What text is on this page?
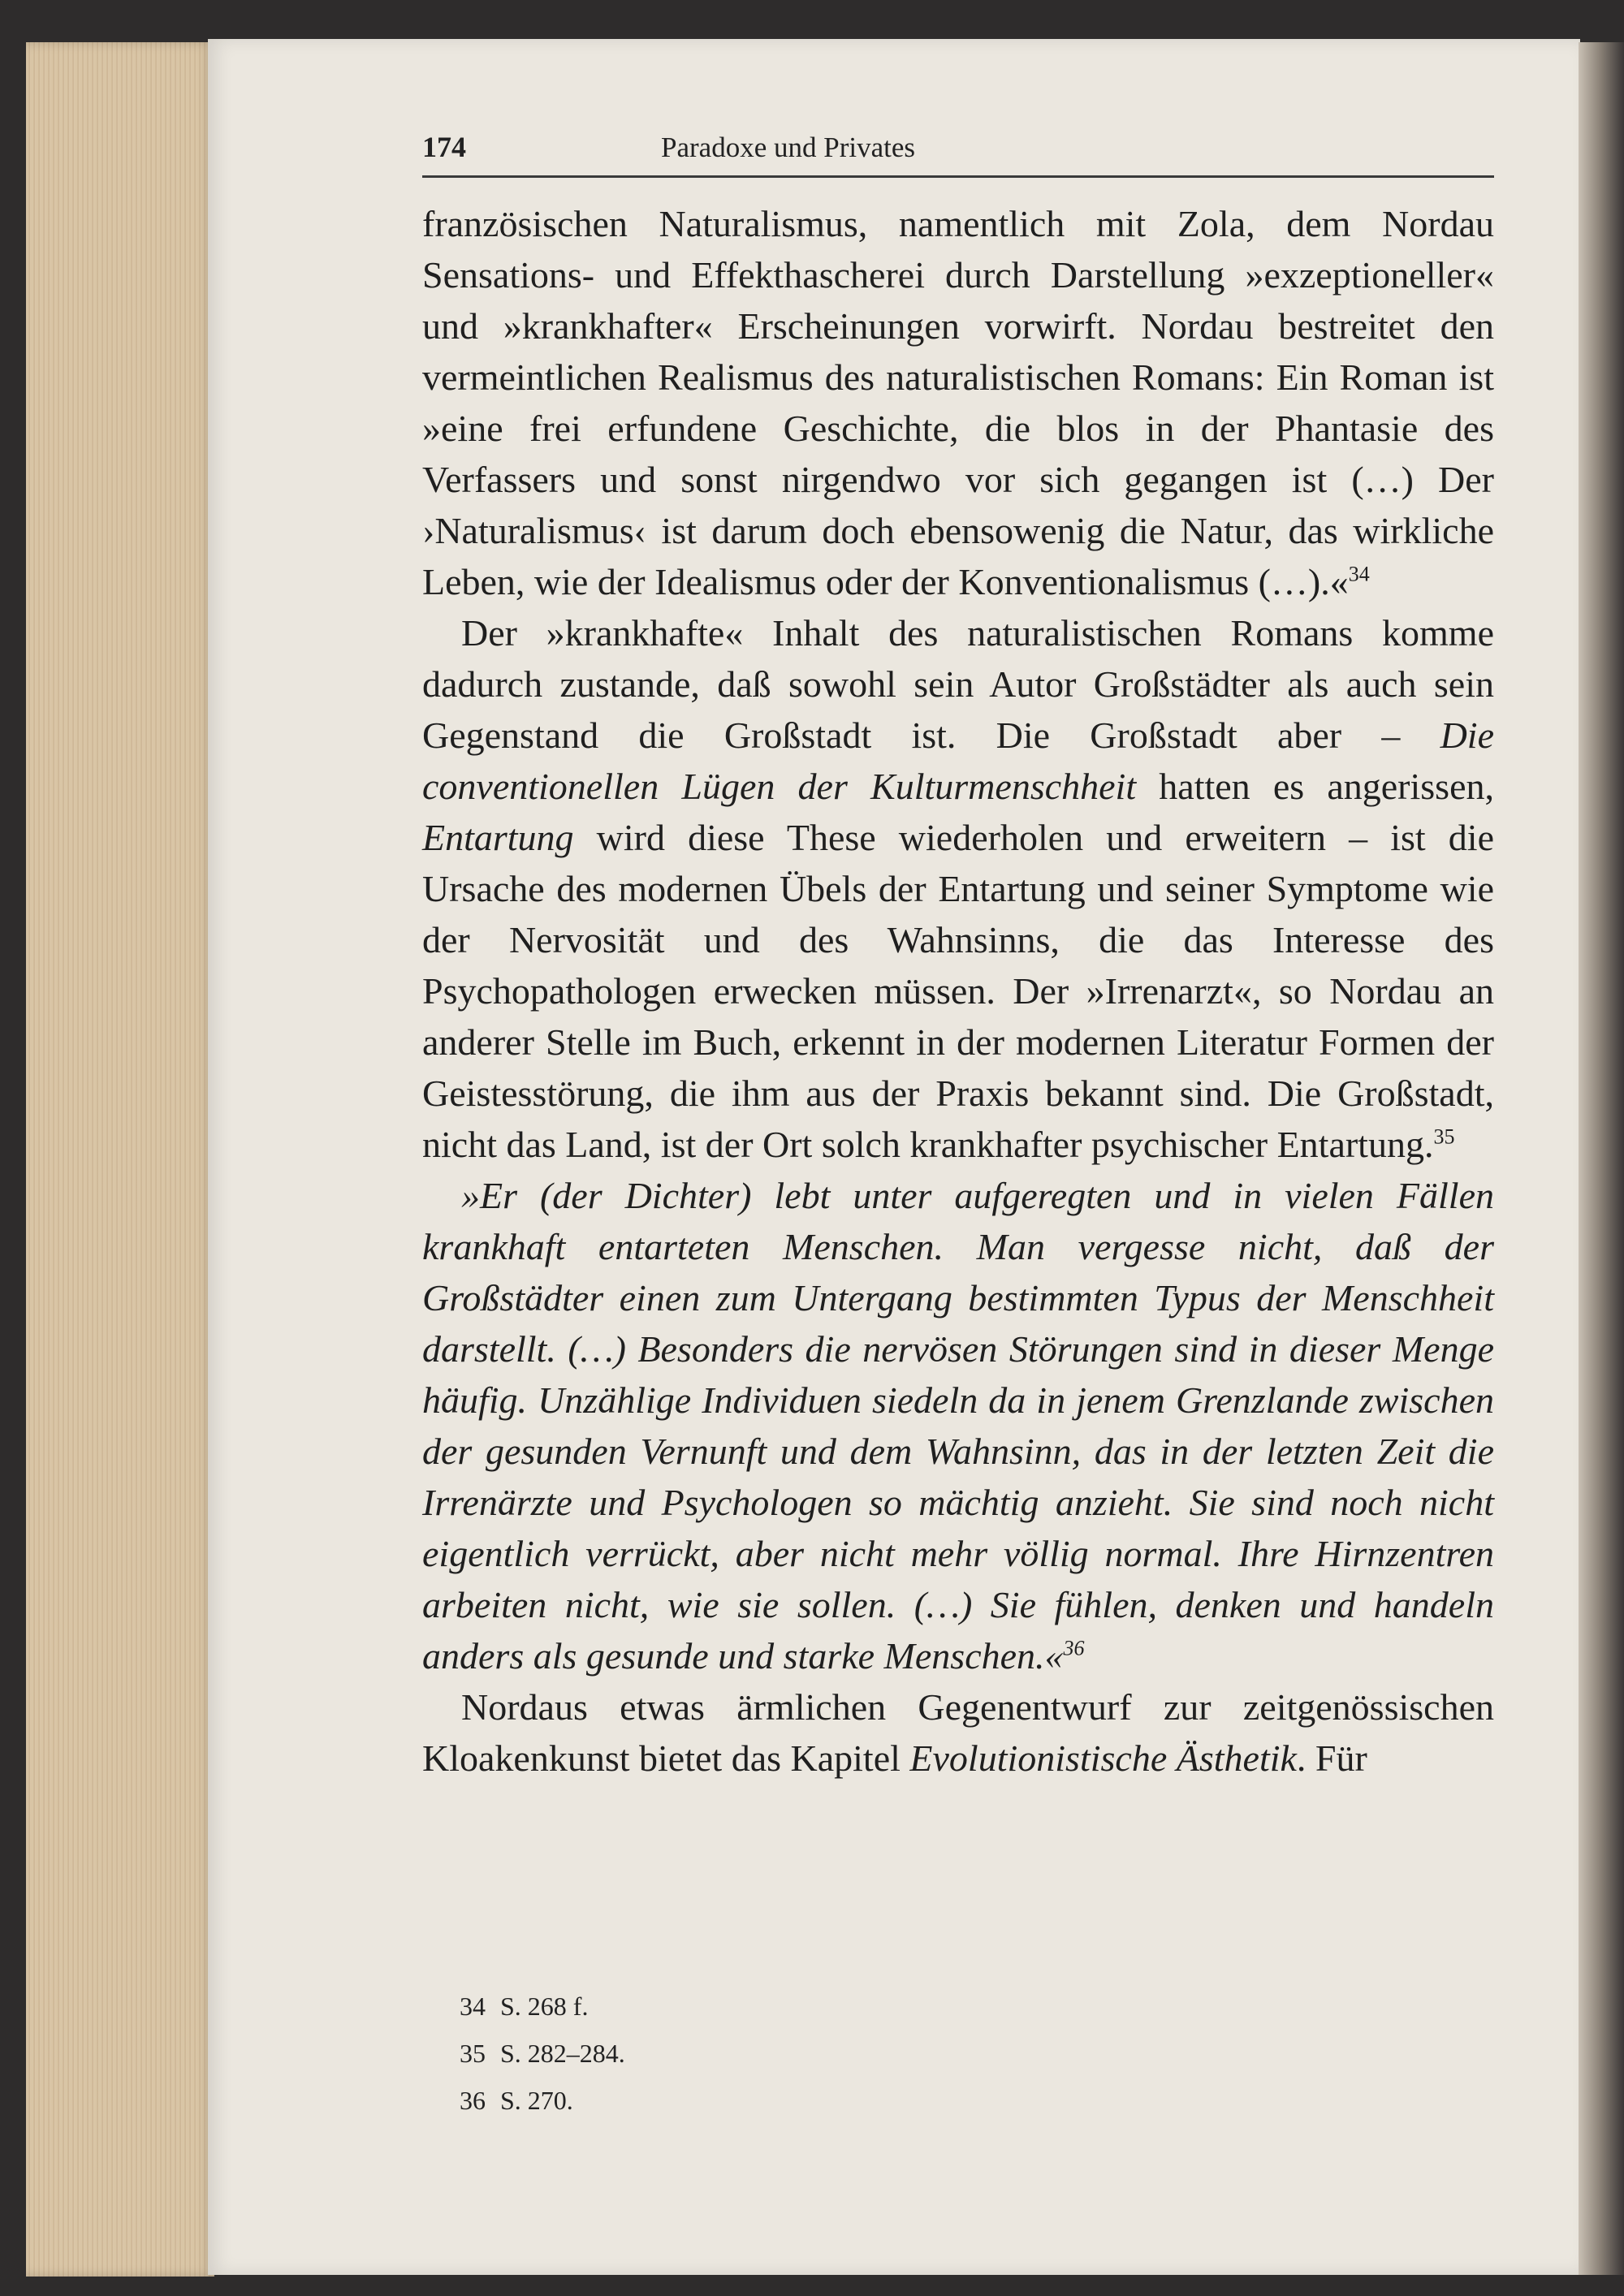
174	Paradoxe und Privates

französischen Naturalismus, namentlich mit Zola, dem Nordau Sensations- und Effekthascherei durch Darstellung »exzeptioneller« und »krankhafter« Erscheinungen vorwirft. Nordau bestreitet den vermeintlichen Realismus des naturalistischen Romans: Ein Roman ist »eine frei erfundene Geschichte, die blos in der Phantasie des Verfassers und sonst nirgendwo vor sich gegangen ist (…) Der ›Naturalismus‹ ist darum doch ebensowenig die Natur, das wirkliche Leben, wie der Idealismus oder der Konventionalismus (…).«$^{34}$

Der »krankhafte« Inhalt des naturalistischen Romans komme dadurch zustande, daß sowohl sein Autor Großstädter als auch sein Gegenstand die Großstadt ist. Die Großstadt aber – Die conventionellen Lügen der Kulturmenschheit hatten es angerissen, Entartung wird diese These wiederholen und erweitern – ist die Ursache des modernen Übels der Entartung und seiner Symptome wie der Nervosität und des Wahnsinns, die das Interesse des Psychopathologen erwecken müssen. Der »Irrenarzt«, so Nordau an anderer Stelle im Buch, erkennt in der modernen Literatur Formen der Geistesstörung, die ihm aus der Praxis bekannt sind. Die Großstadt, nicht das Land, ist der Ort solch krankhafter psychischer Entartung.$^{35}$

»Er (der Dichter) lebt unter aufgeregten und in vielen Fällen krankhaft entarteten Menschen. Man vergesse nicht, daß der Großstädter einen zum Untergang bestimmten Typus der Menschheit darstellt. (…) Besonders die nervösen Störungen sind in dieser Menge häufig. Unzählige Individuen siedeln da in jenem Grenzlande zwischen der gesunden Vernunft und dem Wahnsinn, das in der letzten Zeit die Irrenärzte und Psychologen so mächtig anzieht. Sie sind noch nicht eigentlich verrückt, aber nicht mehr völlig normal. Ihre Hirnzentren arbeiten nicht, wie sie sollen. (…) Sie fühlen, denken und handeln anders als gesunde und starke Menschen.«$^{36}$

Nordaus etwas ärmlichen Gegenentwurf zur zeitgenössischen Kloakenkunst bietet das Kapitel Evolutionistische Ästhetik. Für

34 S. 268 f.
35 S. 282–284.
36 S. 270.
